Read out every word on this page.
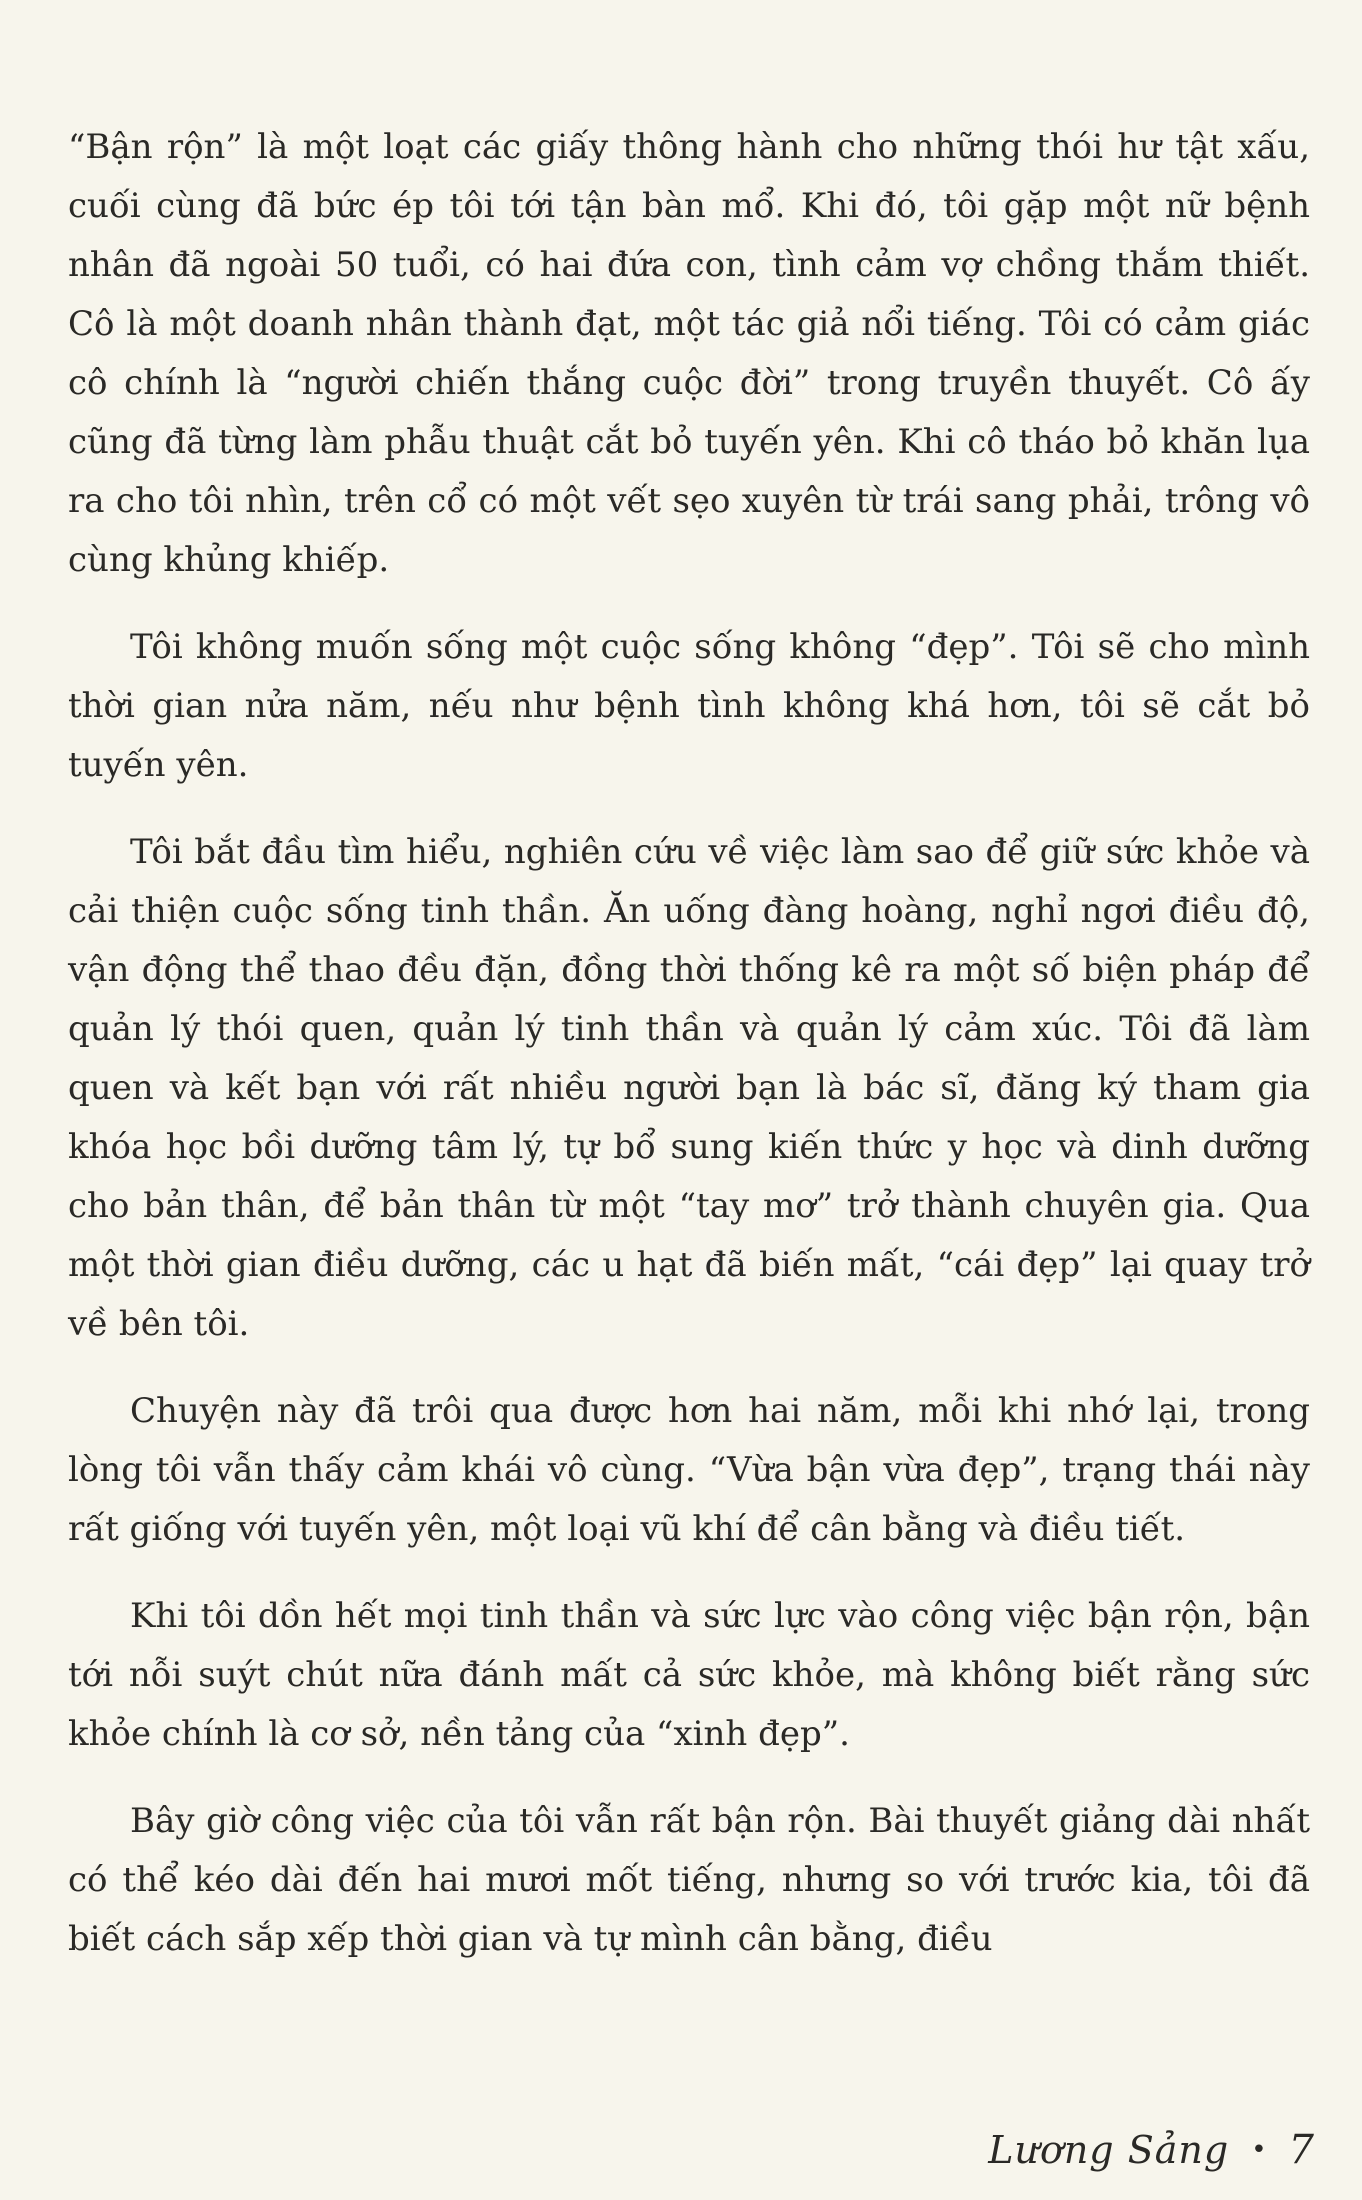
“Bận rộn” là một loạt các giấy thông hành cho những thói hư tật xấu, cuối cùng đã bức ép tôi tới tận bàn mổ. Khi đó, tôi gặp một nữ bệnh nhân đã ngoài 50 tuổi, có hai đứa con, tình cảm vợ chồng thắm thiết. Cô là một doanh nhân thành đạt, một tác giả nổi tiếng. Tôi có cảm giác cô chính là “người chiến thắng cuộc đời” trong truyền thuyết. Cô ấy cũng đã từng làm phẫu thuật cắt bỏ tuyến yên. Khi cô tháo bỏ khăn lụa ra cho tôi nhìn, trên cổ có một vết sẹo xuyên từ trái sang phải, trông vô cùng khủng khiếp.

Tôi không muốn sống một cuộc sống không “đẹp”. Tôi sẽ cho mình thời gian nửa năm, nếu như bệnh tình không khá hơn, tôi sẽ cắt bỏ tuyến yên.

Tôi bắt đầu tìm hiểu, nghiên cứu về việc làm sao để giữ sức khỏe và cải thiện cuộc sống tinh thần. Ăn uống đàng hoàng, nghỉ ngơi điều độ, vận động thể thao đều đặn, đồng thời thống kê ra một số biện pháp để quản lý thói quen, quản lý tinh thần và quản lý cảm xúc. Tôi đã làm quen và kết bạn với rất nhiều người bạn là bác sĩ, đăng ký tham gia khóa học bồi dưỡng tâm lý, tự bổ sung kiến thức y học và dinh dưỡng cho bản thân, để bản thân từ một “tay mơ” trở thành chuyên gia. Qua một thời gian điều dưỡng, các u hạt đã biến mất, “cái đẹp” lại quay trở về bên tôi.

Chuyện này đã trôi qua được hơn hai năm, mỗi khi nhớ lại, trong lòng tôi vẫn thấy cảm khái vô cùng. “Vừa bận vừa đẹp”, trạng thái này rất giống với tuyến yên, một loại vũ khí để cân bằng và điều tiết.

Khi tôi dồn hết mọi tinh thần và sức lực vào công việc bận rộn, bận tới nỗi suýt chút nữa đánh mất cả sức khỏe, mà không biết rằng sức khỏe chính là cơ sở, nền tảng của “xinh đẹp”.

Bây giờ công việc của tôi vẫn rất bận rộn. Bài thuyết giảng dài nhất có thể kéo dài đến hai mươi mốt tiếng, nhưng so với trước kia, tôi đã biết cách sắp xếp thời gian và tự mình cân bằng, điều

Lương Sảng • 7
